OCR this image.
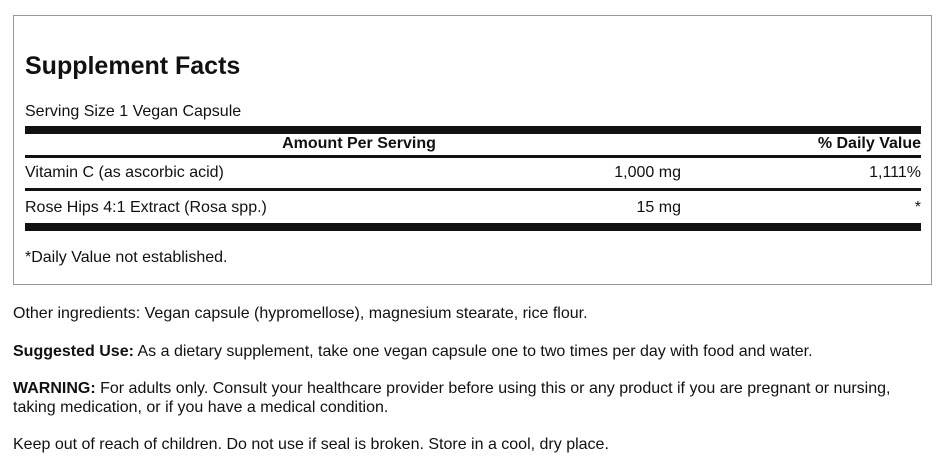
Supplement Facts
Serving Size 1 Vegan Capsule
Amount Per Serving	% Daily Value
Vitamin C (as ascorbic acid)	1,000 mg	1,111%
Rose Hips 4:1 Extract (Rosa spp.)	15 mg	*
*Daily Value not established.
Other ingredients: Vegan capsule (hypromellose), magnesium stearate, rice flour.
Suggested Use: As a dietary supplement, take one vegan capsule one to two times per day with food and water.
WARNING: For adults only. Consult your healthcare provider before using this or any product if you are pregnant or nursing, taking medication, or if you have a medical condition.
Keep out of reach of children. Do not use if seal is broken. Store in a cool, dry place.
